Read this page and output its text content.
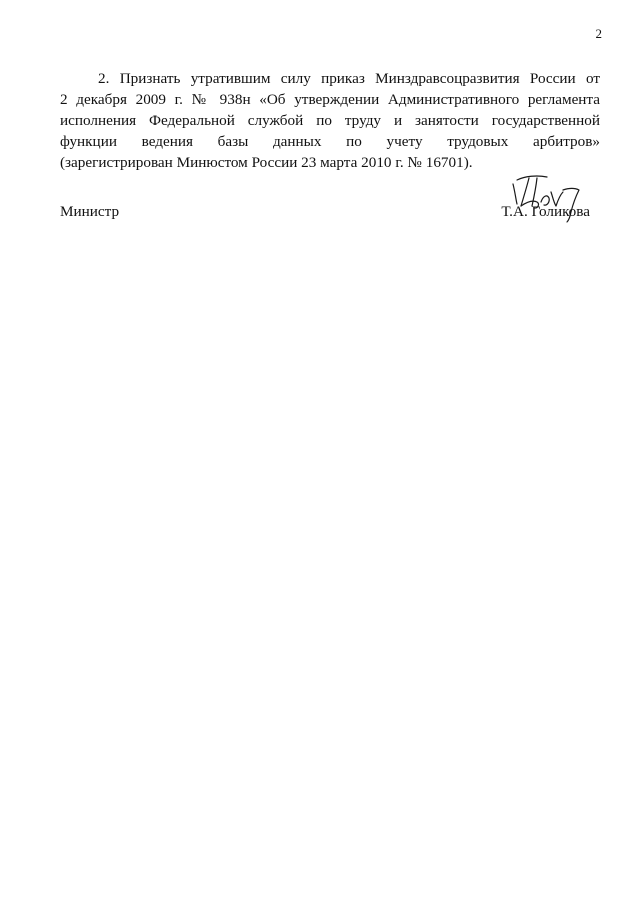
2

2. Признать утратившим силу приказ Минздравсоцразвития России от
2 декабря 2009 г. № 938н «Об утверждении Административного регламента
исполнения Федеральной службой по труду и занятости государственной
функции ведения базы данных по учету трудовых арбитров»
(зарегистрирован Минюстом России 23 марта 2010 г. № 16701).

Министр	Т.А. Голикова
